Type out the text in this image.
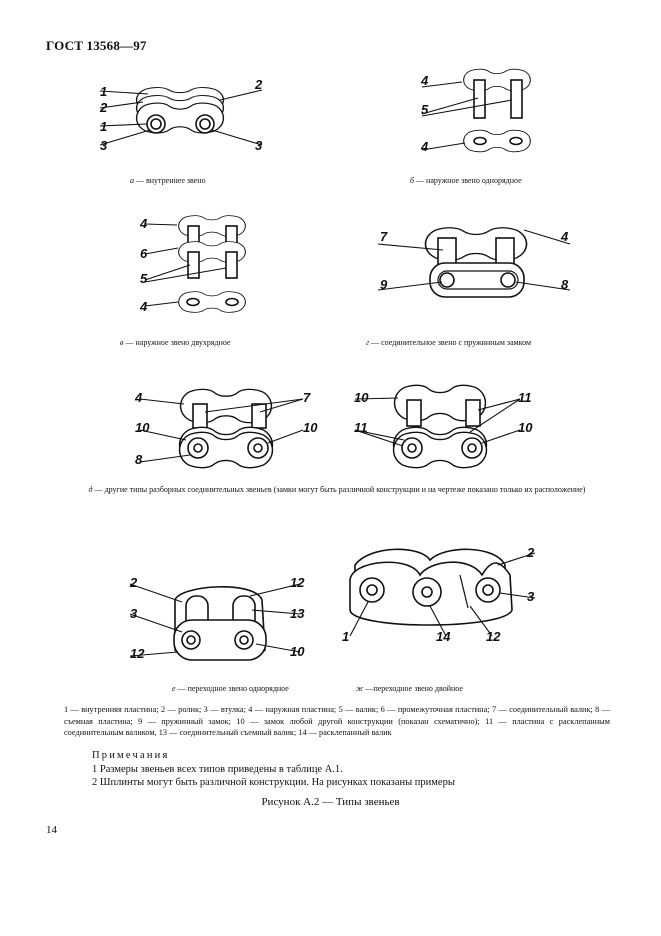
ГОСТ 13568—97
1
2
1
3
2
3
4
5
4
4
6
5
4
7
9
4
8
4
10
8
7
10
10
11
11
10
2
3
12
12
13
10
2
3
1	14	12
а — внутреннее звено	б — наружное звено однорядное
в — наружное звено двухрядное	г — соединительное звено с пружинным замком
д — другие типы разборных соединительных звеньев (замки могут быть различной конструкции и на чертеже показано только их расположение)
е — переходное звено однорядное	ж —переходное звено двойное
1 — внутренняя пластина; 2 — ролик; 3 — втулка; 4 — наружная пластина; 5 — валик; 6 — промежуточная пластина; 7 — соединительный валик; 8 — съемная пластина; 9 — пружинный замок; 10 — замок любой другой конструкции (показан схематично); 11 — пластина с расклепанным соединительным валиком, 13 — соединительный съемный валик; 14 — расклепанный валик
Примечания
1 Размеры звеньев всех типов приведены в таблице А.1.
2 Шплинты могут быть различной конструкции. На рисунках показаны примеры
Рисунок А.2 — Типы звеньев
14
